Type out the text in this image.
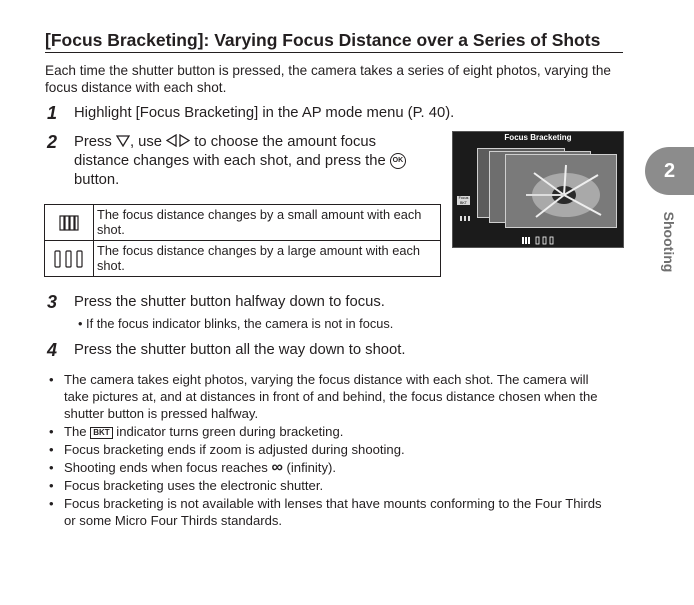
[Focus Bracketing]: Varying Focus Distance over a Series of Shots
Each time the shutter button is pressed, the camera takes a series of eight photos, varying the focus distance with each shot.
1 Highlight [Focus Bracketing] in the AP mode menu (P. 40).
2 Press , use  to choose the amount focus
distance changes with each shot, and press the OK
button.
	The focus distance changes by a small amount with each shot.

	The focus distance changes by a large amount with each shot.
Focus Bracketing
Focus BKT
2
Shooting
3 Press the shutter button halfway down to focus.
• If the focus indicator blinks, the camera is not in focus.
4 Press the shutter button all the way down to shoot.
• The camera takes eight photos, varying the focus distance with each shot. The camera will take pictures at, and at distances in front of and behind, the focus distance chosen when the shutter button is pressed halfway.
• The BKT indicator turns green during bracketing.
• Focus bracketing ends if zoom is adjusted during shooting.
• Shooting ends when focus reaches ∞ (infinity).
• Focus bracketing uses the electronic shutter.
• Focus bracketing is not available with lenses that have mounts conforming to the Four Thirds or some Micro Four Thirds standards.
